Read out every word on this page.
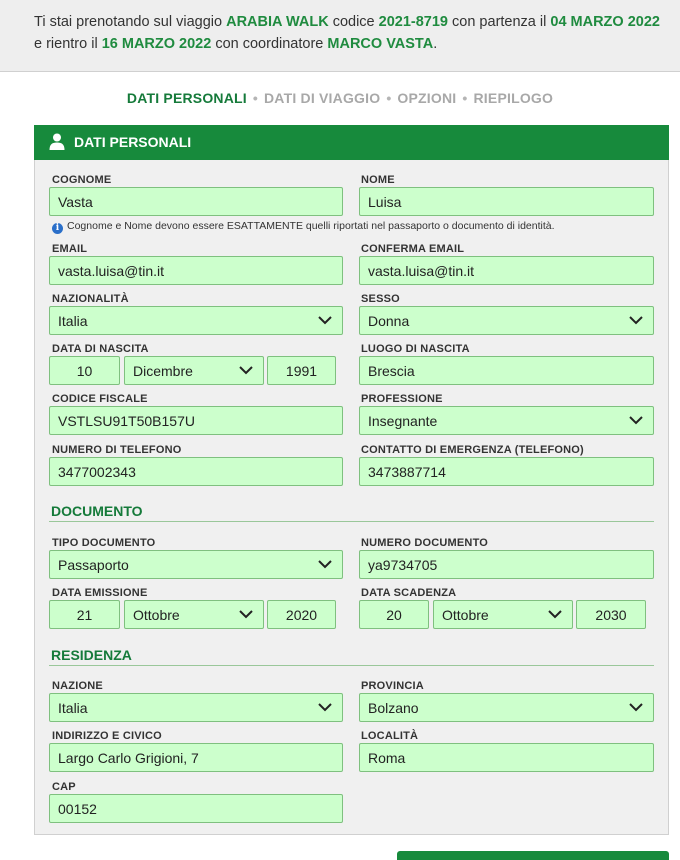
Ti stai prenotando sul viaggio ARABIA WALK codice 2021-8719 con partenza il 04 MARZO 2022
e rientro il 16 MARZO 2022 con coordinatore MARCO VASTA.
DATI PERSONALI • DATI DI VIAGGIO • OPZIONI • RIEPILOGO
DATI PERSONALI
COGNOME
Vasta
NOME
Luisa
i Cognome e Nome devono essere ESATTAMENTE quelli riportati nel passaporto o documento di identità.
EMAIL
vasta.luisa@tin.it
CONFERMA EMAIL
vasta.luisa@tin.it
NAZIONALITÀ
Italia
SESSO
Donna
DATA DI NASCITA
10	Dicembre	1991
LUOGO DI NASCITA
Brescia
CODICE FISCALE
VSTLSU91T50B157U
PROFESSIONE
Insegnante
NUMERO DI TELEFONO
3477002343
CONTATTO DI EMERGENZA (TELEFONO)
3473887714
DOCUMENTO
TIPO DOCUMENTO
Passaporto
NUMERO DOCUMENTO
ya9734705
DATA EMISSIONE
21	Ottobre	2020
DATA SCADENZA
20	Ottobre	2030
RESIDENZA
NAZIONE
Italia
PROVINCIA
Bolzano
INDIRIZZO E CIVICO
Largo Carlo Grigioni, 7
LOCALITÀ
Roma
CAP
00152
